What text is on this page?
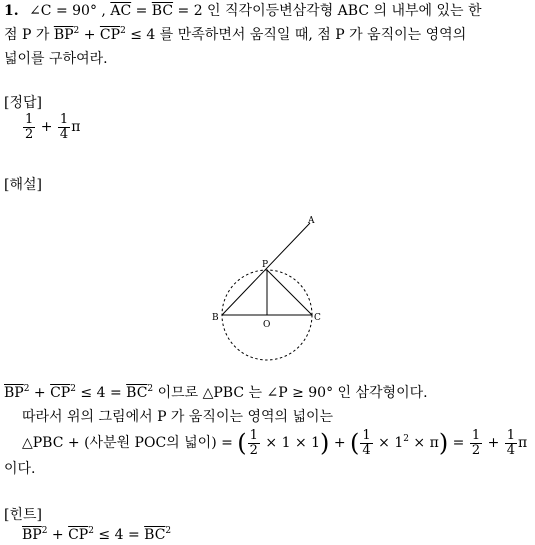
1. ∠C = 90° , $\overline{AC} = \overline{BC} = 2$ 인 직각이등변삼각형 ABC 의 내부에 있는 한
점 P 가 $\overline{BP}^2 + \overline{CP}^2 \le 4$ 를 만족하면서 움직일 때, 점 P 가 움직이는 영역의
넓이를 구하여라.
[정답]
$\frac{1}{2} + \frac{1}{4}$ π
[해설]
A
P
B
O
C
$\overline{BP}^2 + \overline{CP}^2 \le 4 = \overline{BC}^2$ 이므로 △PBC 는 ∠P ≥ 90° 인 삼각형이다.
따라서 위의 그림에서 P 가 움직이는 영역의 넓이는
△PBC + (사분원 POC의 넓이) = ( $\frac{1}{2} \times 1 \times 1$) + ( $\frac{1}{4} \times 1^2 \times \pi) = \frac{1}{2} + \frac{1}{4}$ π
이다.
[힌트]
$\overline{BP}^2 + \overline{CP}^2 \le 4 = \overline{BC}^2$
